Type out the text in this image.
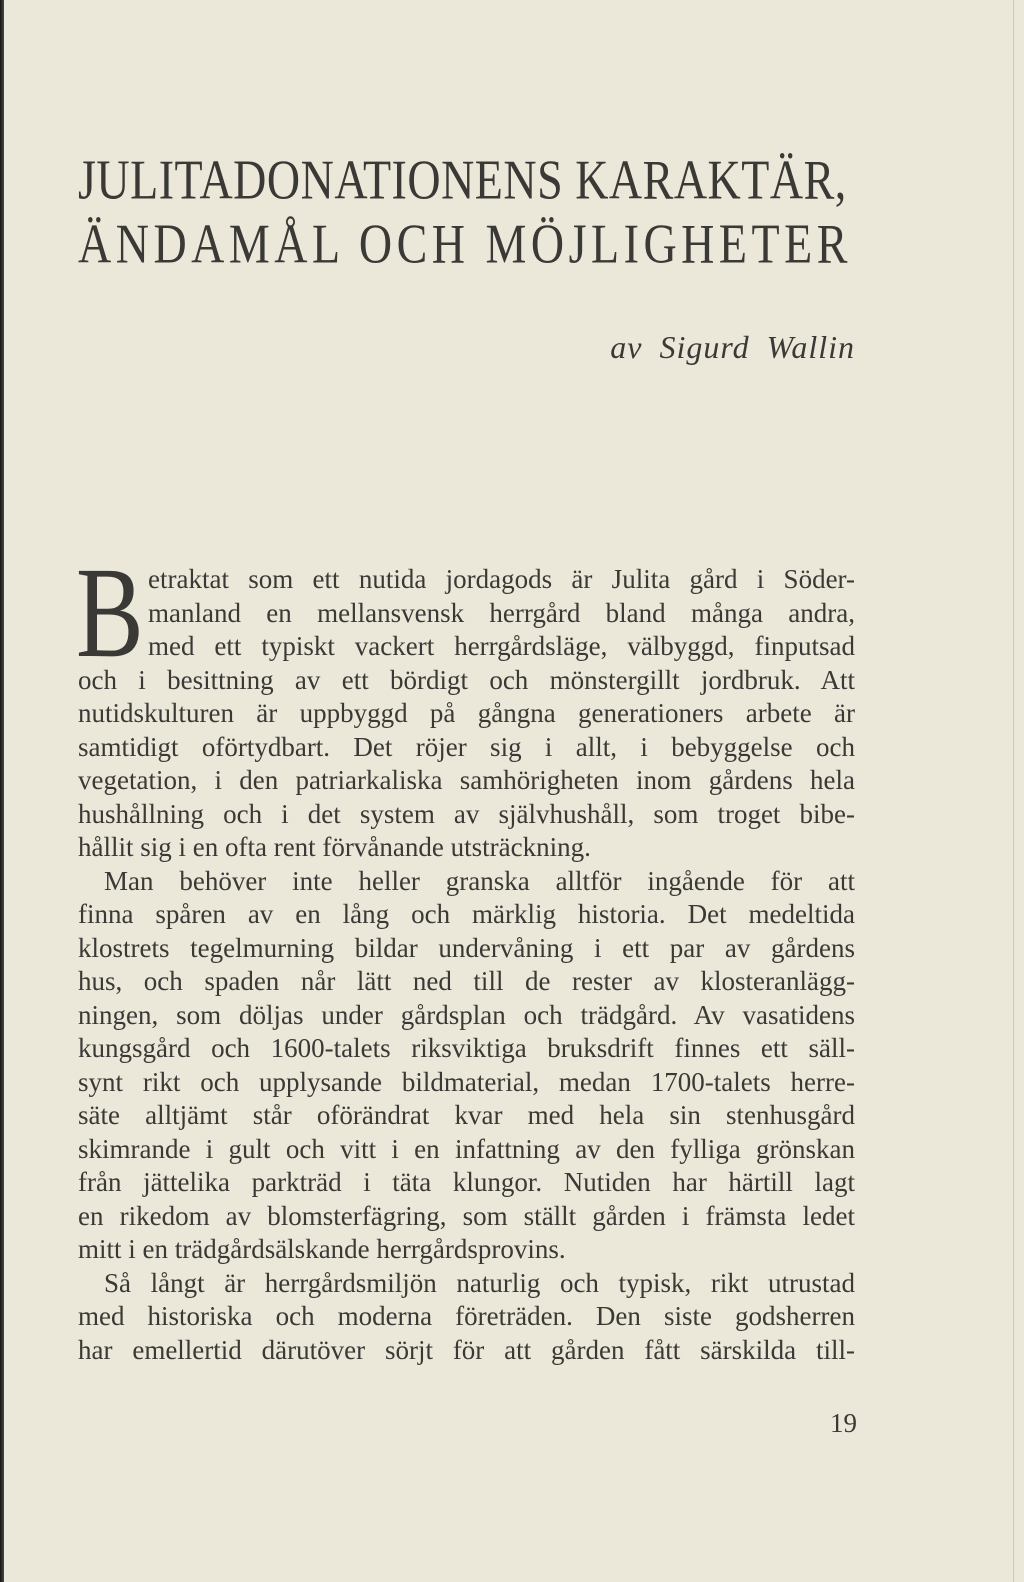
JULITADONATIONENS KARAKTÄR,
ÄNDAMÅL OCH MÖJLIGHETER
av Sigurd Wallin
B etraktat som ett nutida jordagods är Julita gård i Söder-
manland en mellansvensk herrgård bland många andra,
med ett typiskt vackert herrgårdsläge, välbyggd, finputsad
och i besittning av ett bördigt och mönstergillt jordbruk. Att
nutidskulturen är uppbyggd på gångna generationers arbete är
samtidigt oförtydbart. Det röjer sig i allt, i bebyggelse och
vegetation, i den patriarkaliska samhörigheten inom gårdens hela
hushållning och i det system av självhushåll, som troget bibe-
hållit sig i en ofta rent förvånande utsträckning.
Man behöver inte heller granska alltför ingående för att
finna spåren av en lång och märklig historia. Det medeltida
klostrets tegelmurning bildar undervåning i ett par av gårdens
hus, och spaden når lätt ned till de rester av klosteranlägg-
ningen, som döljas under gårdsplan och trädgård. Av vasatidens
kungsgård och 1600-talets riksviktiga bruksdrift finnes ett säll-
synt rikt och upplysande bildmaterial, medan 1700-talets herre-
säte alltjämt står oförändrat kvar med hela sin stenhusgård
skimrande i gult och vitt i en infattning av den fylliga grönskan
från jättelika parkträd i täta klungor. Nutiden har härtill lagt
en rikedom av blomsterfägring, som ställt gården i främsta ledet
mitt i en trädgårdsälskande herrgårdsprovins.
Så långt är herrgårdsmiljön naturlig och typisk, rikt utrustad
med historiska och moderna företräden. Den siste godsherren
har emellertid därutöver sörjt för att gården fått särskilda till-
19
